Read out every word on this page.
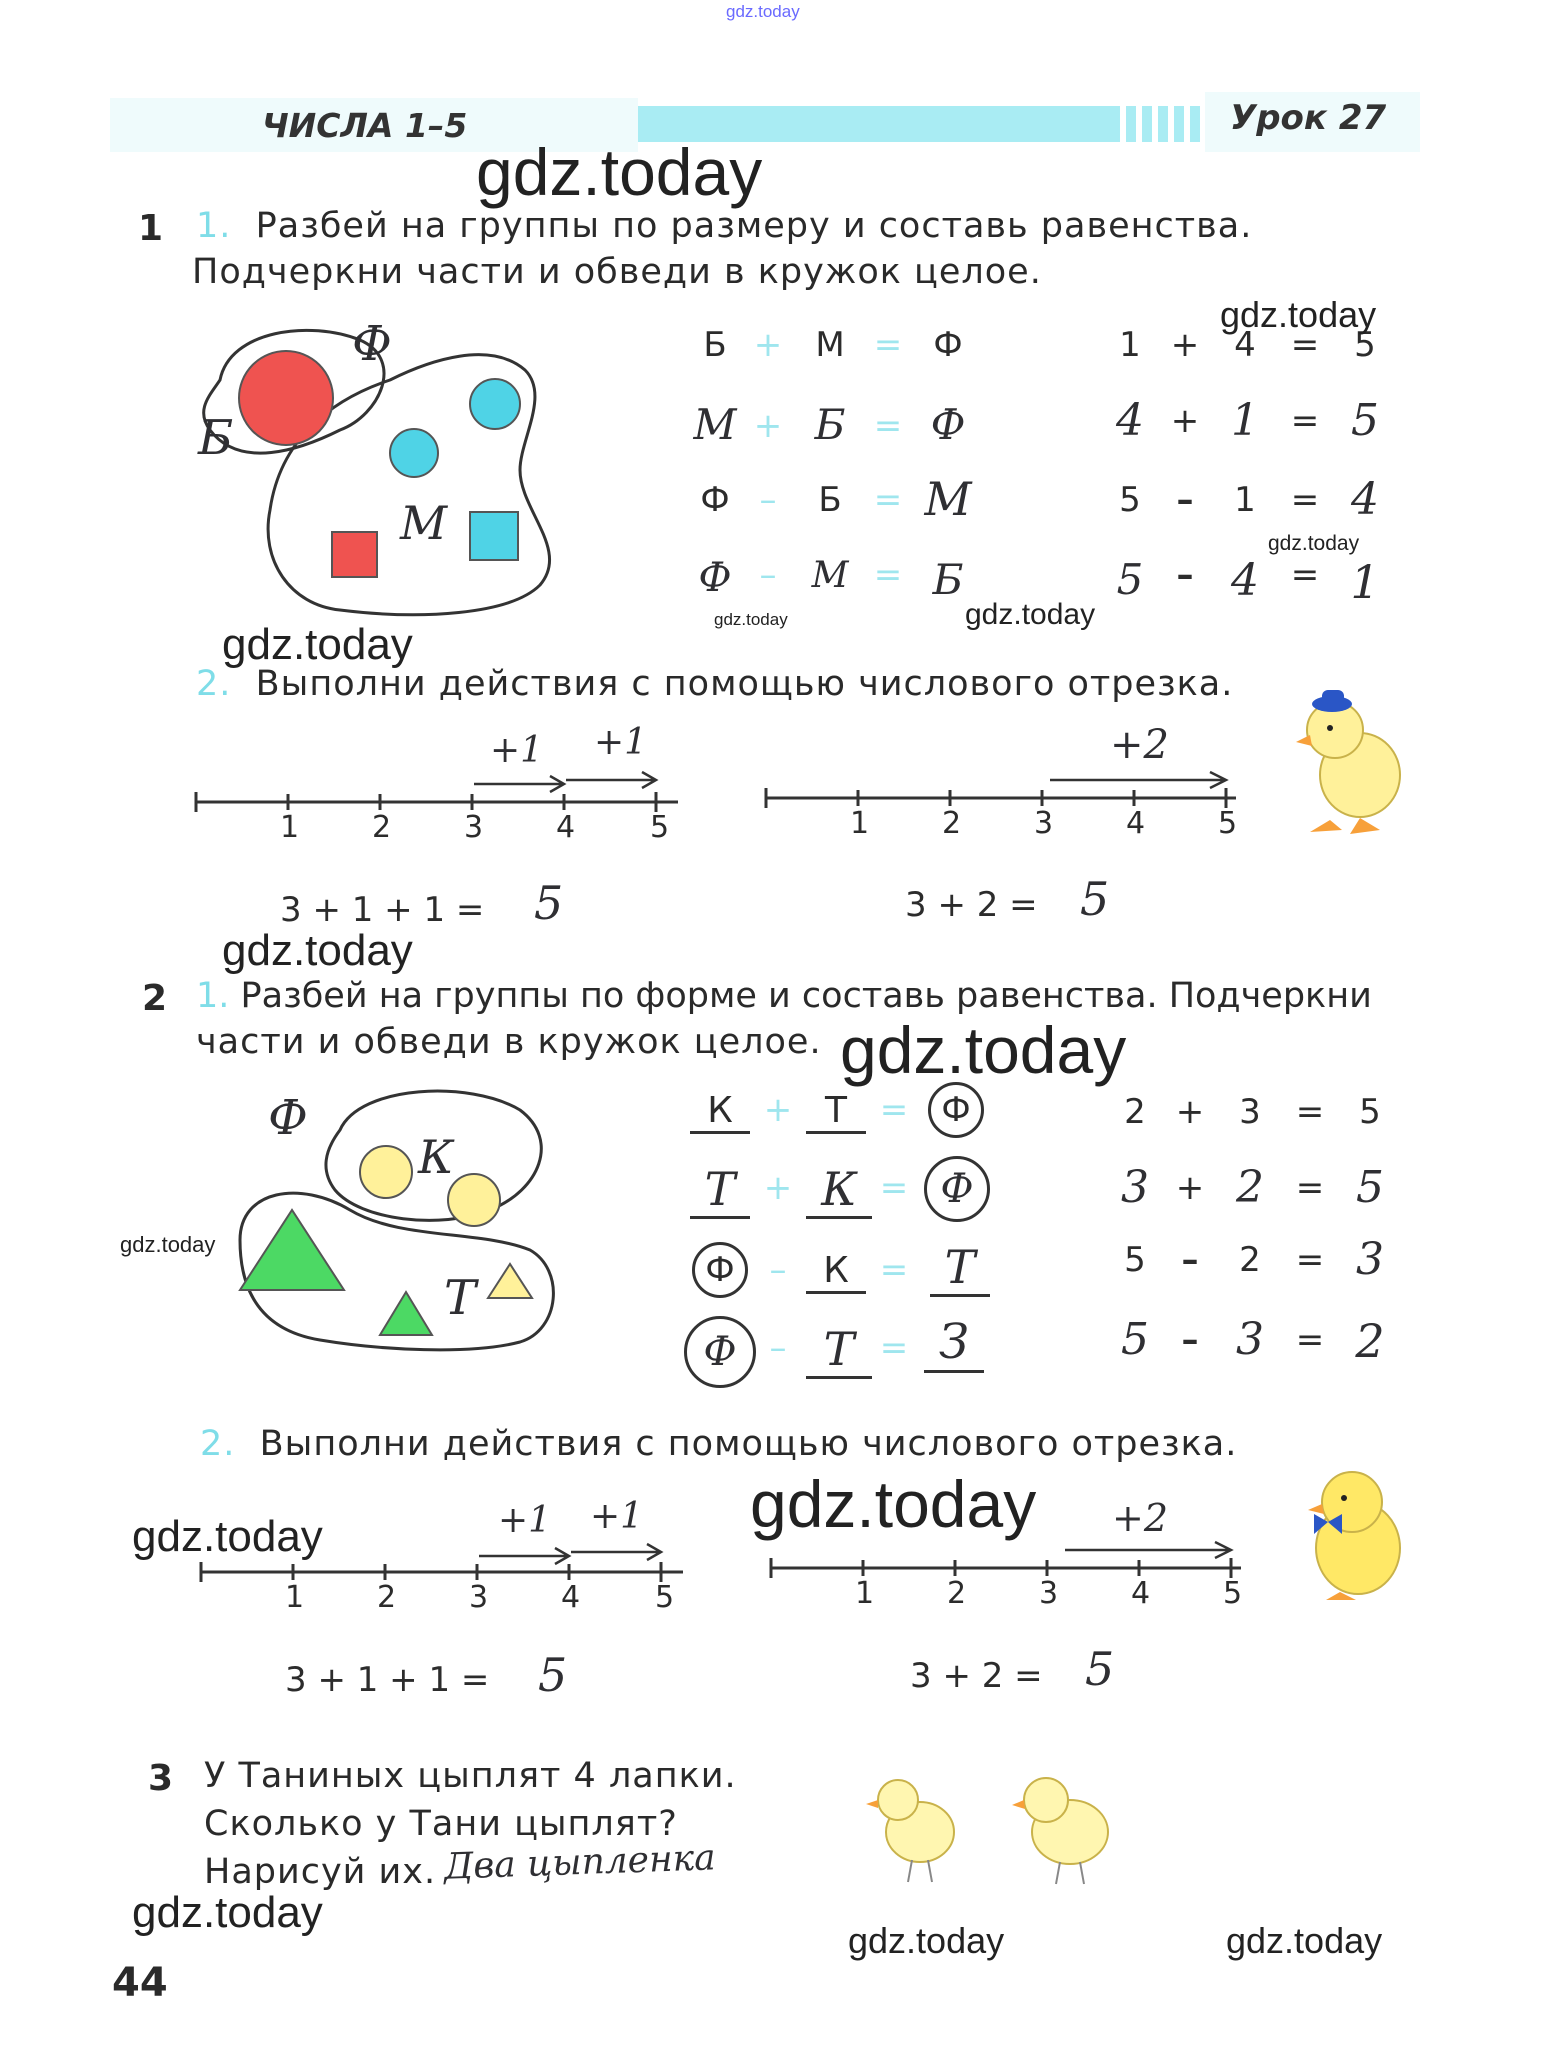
gdz.today
ЧИСЛА 1–5	Урок 27
1 1. Разбей на группы по размеру и составь равенства.
Подчеркни части и обведи в кружок целое.
Б
Ф
М
Б + М = Ф
М + Б = Ф
Ф –	Б = М
Ф – М = Б
1 + 4 = 5
4 + 1 = 5
5	–	1 = 4
5 – 4 = 1
2. Выполни действия с помощью числового отрезка.
1 2 3 4 5
+1 +1
1 2 3 4 5
+2
3 + 1 + 1 = 5	3 + 2 = 5
2 1. Разбей на группы по форме и составь равенства. Подчеркни
части и обведи в кружок целое.
Ф
К
Т
К + Т = Ф
Т + К = Ф
Ф	–	К = Т
Ф – Т = З
2 + 3 = 5
3 + 2 = 5
5	–	2 = 3
5 – 3 = 2
2. Выполни действия с помощью числового отрезка.
1 2 3 4 5
+1 +1
1 2 3 4 5
+2
3 + 1 + 1 = 5	3 + 2 = 5
3 У Таниных цыплят 4 лапки.
Сколько у Тани цыплят?
Нарисуй их. Два цыпленка
44
gdz.today
gdz.today
gdz.today
gdz.today	gdz.today
gdz.today
gdz.today
gdz.today
gdz.today
gdz.today	gdz.today
gdz.today
gdz.today	gdz.today
